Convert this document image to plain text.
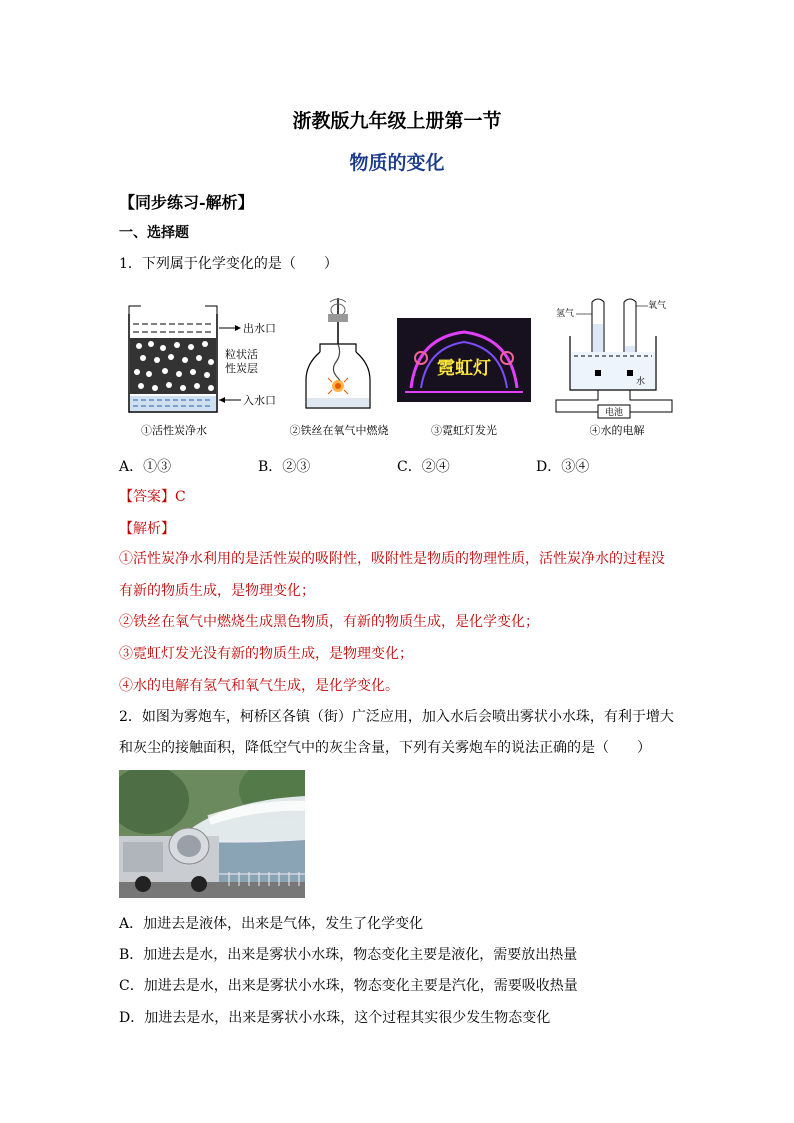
浙教版九年级上册第一节
物质的变化
【同步练习-解析】
一、选择题
1．下列属于化学变化的是（　　）
出水口
粒状活
性炭层
入水口
①活性炭净水	②铁丝在氧气中燃烧
霓虹灯
③霓虹灯发光
电池
水
氢气
氧气
④水的电解
A．①③	B．②③	C．②④	D．③④
【答案】C
【解析】
①活性炭净水利用的是活性炭的吸附性，吸附性是物质的物理性质，活性炭净水的过程没
有新的物质生成，是物理变化；
②铁丝在氧气中燃烧生成黑色物质，有新的物质生成，是化学变化；
③霓虹灯发光没有新的物质生成，是物理变化；
④水的电解有氢气和氧气生成，是化学变化。
2．如图为雾炮车，柯桥区各镇（街）广泛应用，加入水后会喷出雾状小水珠，有利于增大
和灰尘的接触面积，降低空气中的灰尘含量，下列有关雾炮车的说法正确的是（　　）
A．加进去是液体，出来是气体，发生了化学变化
B．加进去是水，出来是雾状小水珠，物态变化主要是液化，需要放出热量
C．加进去是水，出来是雾状小水珠，物态变化主要是汽化，需要吸收热量
D．加进去是水，出来是雾状小水珠，这个过程其实很少发生物态变化
